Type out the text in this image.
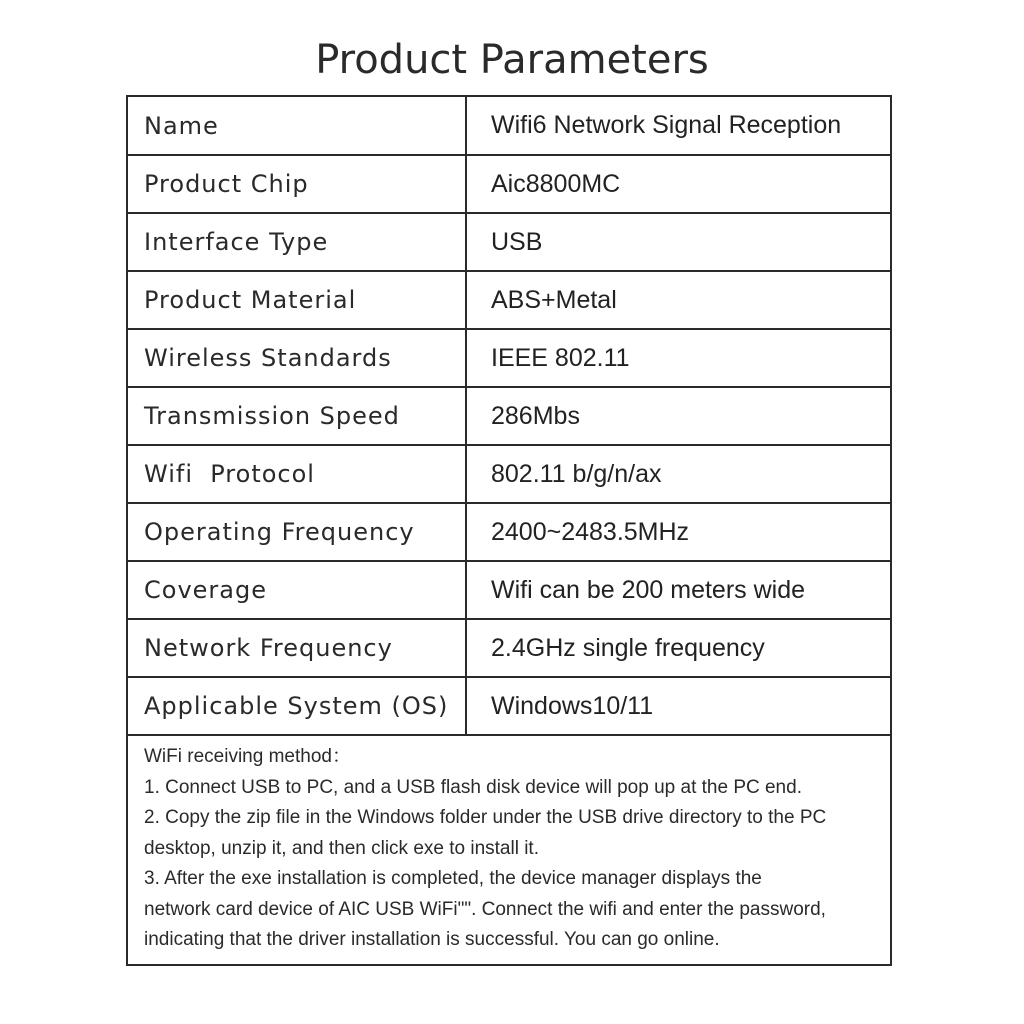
Product Parameters
Name	Wifi6 Network Signal Reception
Product Chip	Aic8800MC
Interface Type	USB
Product Material	ABS+Metal
Wireless Standards	IEEE 802.11
Transmission Speed	286Mbs
Wifi  Protocol	802.11 b/g/n/ax
Operating Frequency	2400~2483.5MHz
Coverage	Wifi can be 200 meters wide
Network Frequency	2.4GHz single frequency
Applicable System (OS)	Windows10/11
WiFi receiving method：
1. Connect USB to PC, and a USB flash disk device will pop up at the PC end.
2. Copy the zip file in the Windows folder under the USB drive directory to the PC
desktop, unzip it, and then click exe to install it.
3. After the exe installation is completed, the device manager displays the
network card device of AIC USB WiFi"". Connect the wifi and enter the password,
indicating that the driver installation is successful. You can go online.
